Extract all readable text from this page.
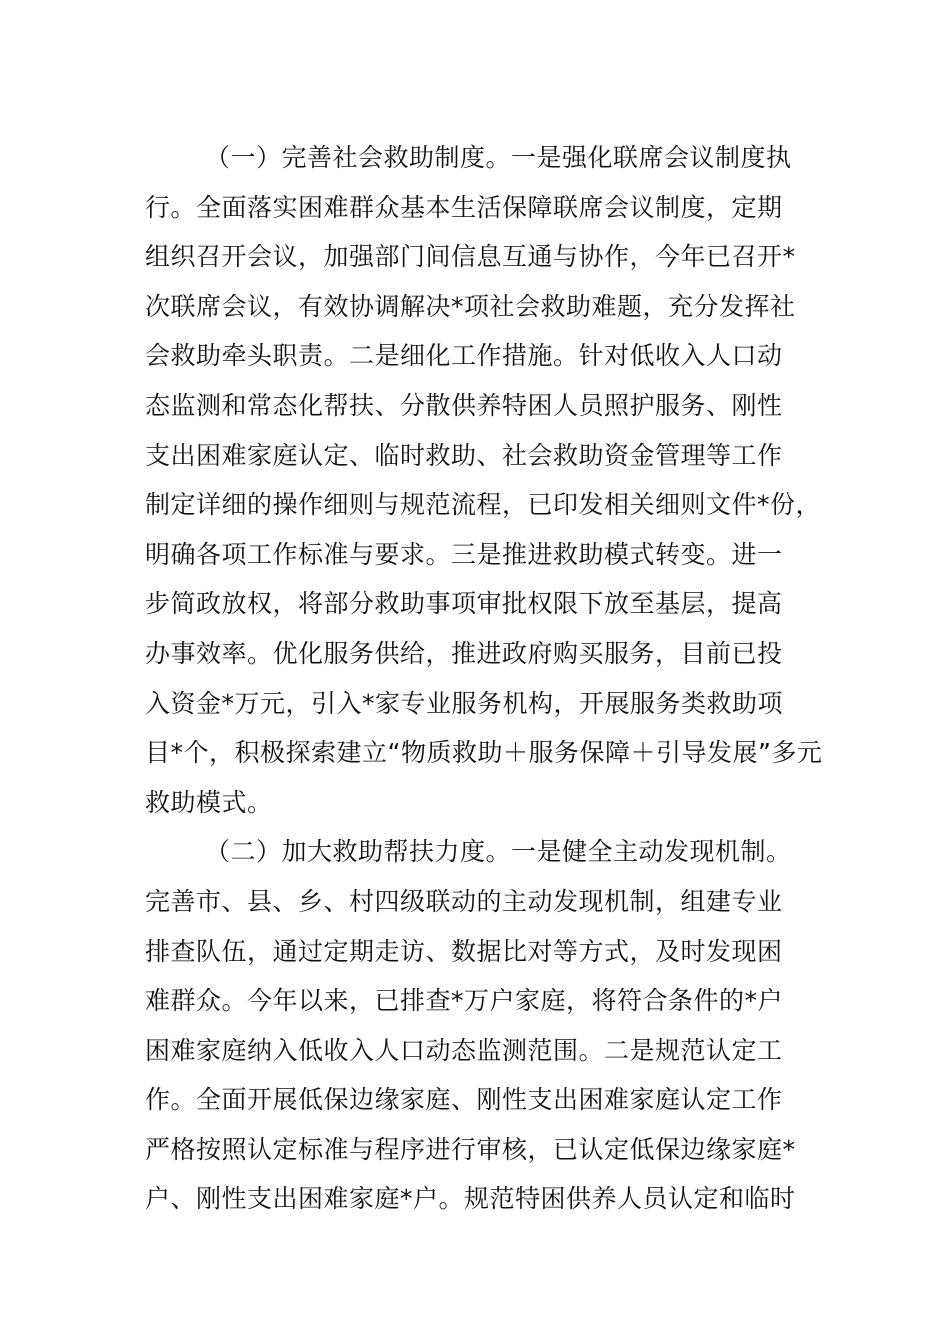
（一）完善社会救助制度。一是强化联席会议制度执
行。全面落实困难群众基本生活保障联席会议制度，定期
组织召开会议，加强部门间信息互通与协作，今年已召开*
次联席会议，有效协调解决*项社会救助难题，充分发挥社
会救助牵头职责。二是细化工作措施。针对低收入人口动
态监测和常态化帮扶、分散供养特困人员照护服务、刚性
支出困难家庭认定、临时救助、社会救助资金管理等工作
制定详细的操作细则与规范流程，已印发相关细则文件*份，
明确各项工作标准与要求。三是推进救助模式转变。进一
步简政放权，将部分救助事项审批权限下放至基层，提高
办事效率。优化服务供给，推进政府购买服务，目前已投
入资金*万元，引入*家专业服务机构，开展服务类救助项
目*个，积极探索建立“物质救助＋服务保障＋引导发展”多元
救助模式。
（二）加大救助帮扶力度。一是健全主动发现机制。
完善市、县、乡、村四级联动的主动发现机制，组建专业
排查队伍，通过定期走访、数据比对等方式，及时发现困
难群众。今年以来，已排查*万户家庭，将符合条件的*户
困难家庭纳入低收入人口动态监测范围。二是规范认定工
作。全面开展低保边缘家庭、刚性支出困难家庭认定工作
严格按照认定标准与程序进行审核，已认定低保边缘家庭*
户、刚性支出困难家庭*户。规范特困供养人员认定和临时
